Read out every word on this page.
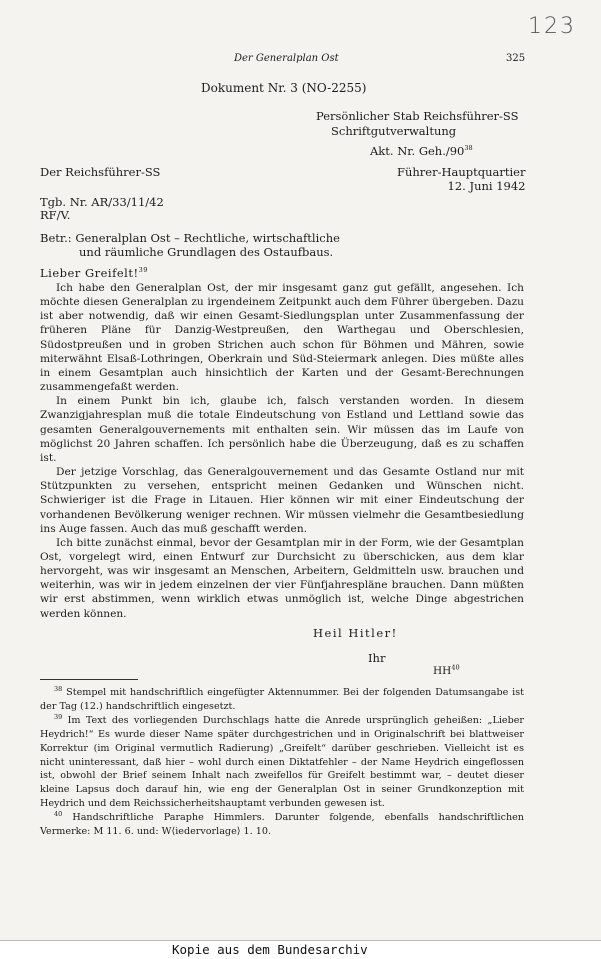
123
Der Generalplan Ost	325
Dokument Nr. 3 (NO-2255)
Persönlicher Stab Reichsführer-SS
Schriftgutverwaltung
Akt. Nr. $Geh./90^{38}$
Der Reichsführer-SS	Führer-Hauptquartier
12. Juni 1942
Tgb. Nr. AR/33/11/42
RF/V.
Betr.: Generalplan Ost – Rechtliche, wirtschaftliche
und räumliche Grundlagen des Ostaufbaus.
Lieber Greifelt!$^{39}$

Ich habe den Generalplan Ost, der mir insgesamt ganz gut gefällt, angesehen. Ich möchte diesen Generalplan zu irgendeinem Zeitpunkt auch dem Führer übergeben. Dazu ist aber notwendig, daß wir einen Gesamt-Siedlungsplan unter Zusammenfassung der früheren Pläne für Danzig-Westpreußen, den Warthegau und Oberschlesien, Südostpreußen und in groben Strichen auch schon für Böhmen und Mähren, sowie miterwähnt Elsaß-Lothringen, Oberkrain und Süd-Steiermark anlegen. Dies müßte alles in einem Gesamtplan auch hinsichtlich der Karten und der Gesamt-Berechnungen zusammengefaßt werden.

In einem Punkt bin ich, glaube ich, falsch verstanden worden. In diesem Zwanzigjahresplan muß die totale Eindeutschung von Estland und Lettland sowie das gesamten Generalgouvernements mit enthalten sein. Wir müssen das im Laufe von möglichst 20 Jahren schaffen. Ich persönlich habe die Überzeugung, daß es zu schaffen ist.

Der jetzige Vorschlag, das Generalgouvernement und das Gesamte Ostland nur mit Stützpunkten zu versehen, entspricht meinen Gedanken und Wünschen nicht. Schwieriger ist die Frage in Litauen. Hier können wir mit einer Eindeutschung der vorhandenen Bevölkerung weniger rechnen. Wir müssen vielmehr die Gesamtbesiedlung ins Auge fassen. Auch das muß geschafft werden.

Ich bitte zunächst einmal, bevor der Gesamtplan mir in der Form, wie der Gesamtplan Ost, vorgelegt wird, einen Entwurf zur Durchsicht zu überschicken, aus dem klar hervorgeht, was wir insgesamt an Menschen, Arbeitern, Geldmitteln usw. brauchen und weiterhin, was wir in jedem einzelnen der vier Fünfjahrespläne brauchen. Dann müßten wir erst abstimmen, wenn wirklich etwas unmöglich ist, welche Dinge abgestrichen werden können.

Heil Hitler!
Ihr
HH$^{40}$

$^{38}$ Stempel mit handschriftlich eingefügter Aktennummer. Bei der folgenden Datumsangabe ist der Tag (12.) handschriftlich eingesetzt.

$^{39}$ Im Text des vorliegenden Durchschlags hatte die Anrede ursprünglich geheißen: „Lieber Heydrich!“ Es wurde dieser Name später durchgestrichen und in Originalschrift bei blattweiser Korrektur (im Original vermutlich Radierung) „Greifelt“ darüber geschrieben. Vielleicht ist es nicht uninteressant, daß hier – wohl durch einen Diktatfehler – der Name Heydrich eingeflossen ist, obwohl der Brief seinem Inhalt nach zweifellos für Greifelt bestimmt war, – deutet dieser kleine Lapsus doch darauf hin, wie eng der Generalplan Ost in seiner Grundkonzeption mit Heydrich und dem Reichssicherheitshauptamt verbunden gewesen ist.

$^{40}$ Handschriftliche Paraphe Himmlers. Darunter folgende, ebenfalls handschriftlichen Vermerke: M 11. 6. und: W⟨iedervorlage⟩ 1. 10.

Kopie aus dem Bundesarchiv
